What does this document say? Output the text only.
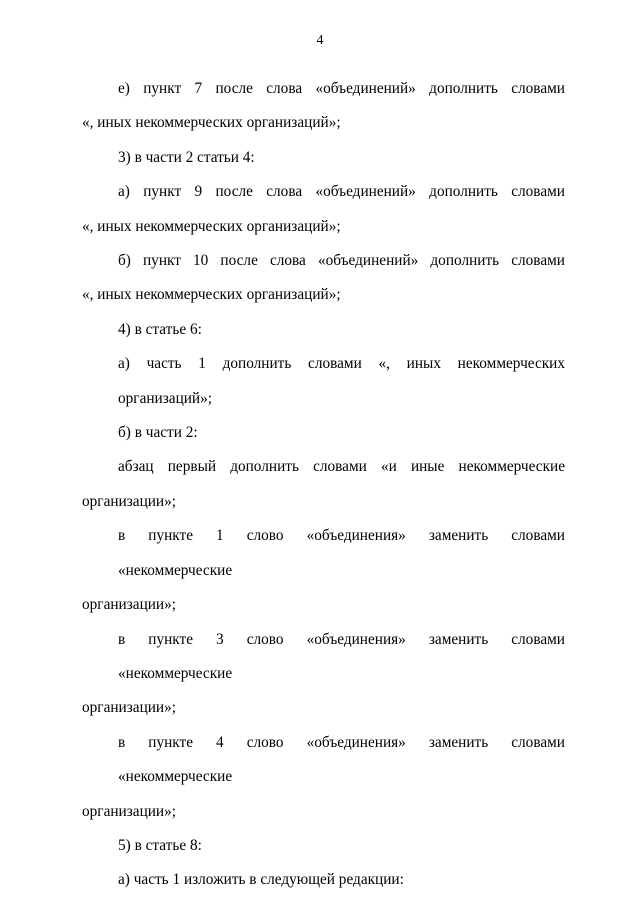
4

е) пункт 7 после слова «объединений» дополнить словами
«, иных некоммерческих организаций»;

3) в части 2 статьи 4:

а) пункт 9 после слова «объединений» дополнить словами
«, иных некоммерческих организаций»;

б) пункт 10 после слова «объединений» дополнить словами
«, иных некоммерческих организаций»;

4) в статье 6:

а) часть 1 дополнить словами «, иных некоммерческих организаций»;

б) в части 2:

абзац первый дополнить словами «и иные некоммерческие
организации»;

в пункте 1 слово «объединения» заменить словами «некоммерческие
организации»;

в пункте 3 слово «объединения» заменить словами «некоммерческие
организации»;

в пункте 4 слово «объединения» заменить словами «некоммерческие
организации»;

5) в статье 8:

а) часть 1 изложить в следующей редакции:
